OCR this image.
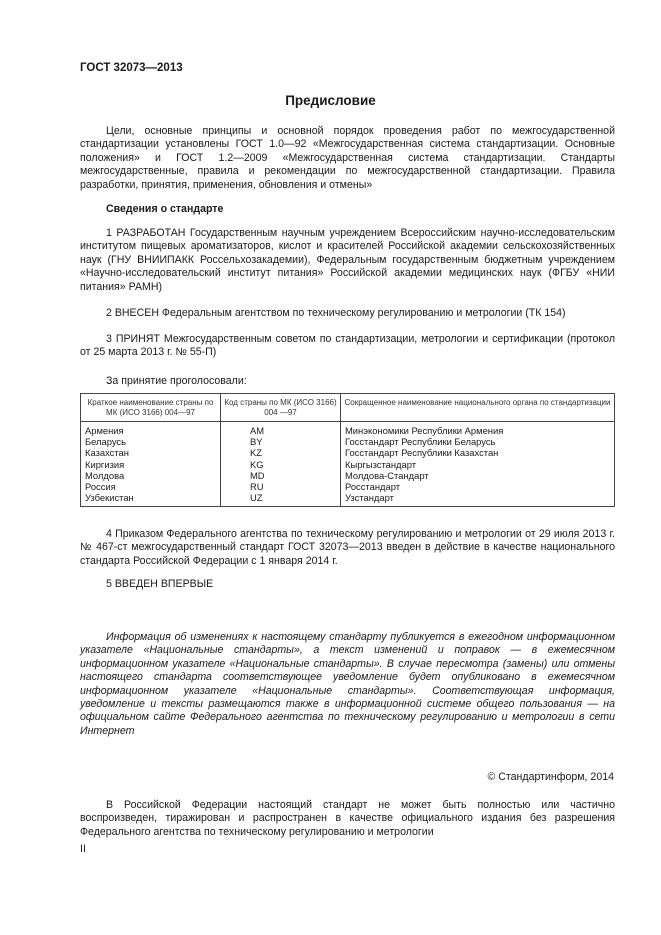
ГОСТ 32073—2013
Предисловие

Цели, основные принципы и основной порядок проведения работ по межгосударственной стандартизации установлены ГОСТ 1.0—92 «Межгосударственная система стандартизации. Основные положения» и ГОСТ 1.2—2009 «Межгосударственная система стандартизации. Стандарты межгосударственные, правила и рекомендации по межгосударственной стандартизации. Правила разработки, принятия, применения, обновления и отмены»

Сведения о стандарте

1 РАЗРАБОТАН Государственным научным учреждением Всероссийским научно-исследовательским институтом пищевых ароматизаторов, кислот и красителей Российской академии сельскохозяйственных наук (ГНУ ВНИИПАКК Россельхозакадемии), Федеральным государственным бюджетным учреждением «Научно-исследовательский институт питания» Российской академии медицинских наук (ФГБУ «НИИ питания» РАМН)

2 ВНЕСЕН Федеральным агентством по техническому регулированию и метрологии (ТК 154)

3 ПРИНЯТ Межгосударственным советом по стандартизации, метрологии и сертификации (протокол от 25 марта 2013 г. № 55-П)

За принятие проголосовали:
Краткое наименование страны по МК (ИСО 3166) 004—97	Код страны по МК (ИСО 3166) 004 —97	Сокращенное наименование национального органа по стандартизации
Армения	AM	Минэкономики Республики Армения
Беларусь	BY	Госстандарт Республики Беларусь
Казахстан	KZ	Госстандарт Республики Казахстан
Киргизия	KG	Кыргызстандарт
Молдова	MD	Молдова-Стандарт
Россия	RU	Росстандарт
Узбекистан	UZ	Узстандарт

4 Приказом Федерального агентства по техническому регулированию и метрологии от 29 июля 2013 г. № 467-ст межгосударственный стандарт ГОСТ 32073—2013 введен в действие в качестве национального стандарта Российской Федерации с 1 января 2014 г.

5 ВВЕДЕН ВПЕРВЫЕ

Информация об изменениях к настоящему стандарту публикуется в ежегодном информационном указателе «Национальные стандарты», а текст изменений и поправок — в ежемесячном информационном указателе «Национальные стандарты». В случае пересмотра (замены) или отмены настоящего стандарта соответствующее уведомление будет опубликовано в ежемесячном информационном указателе «Национальные стандарты». Соответствующая информация, уведомление и тексты размещаются также в информационной системе общего пользования — на официальном сайте Федерального агентства по техническому регулированию и метрологии в сети Интернет

© Стандартинформ, 2014

В Российской Федерации настоящий стандарт не может быть полностью или частично воспроизведен, тиражирован и распространен в качестве официального издания без разрешения Федерального агентства по техническому регулированию и метрологии

II
